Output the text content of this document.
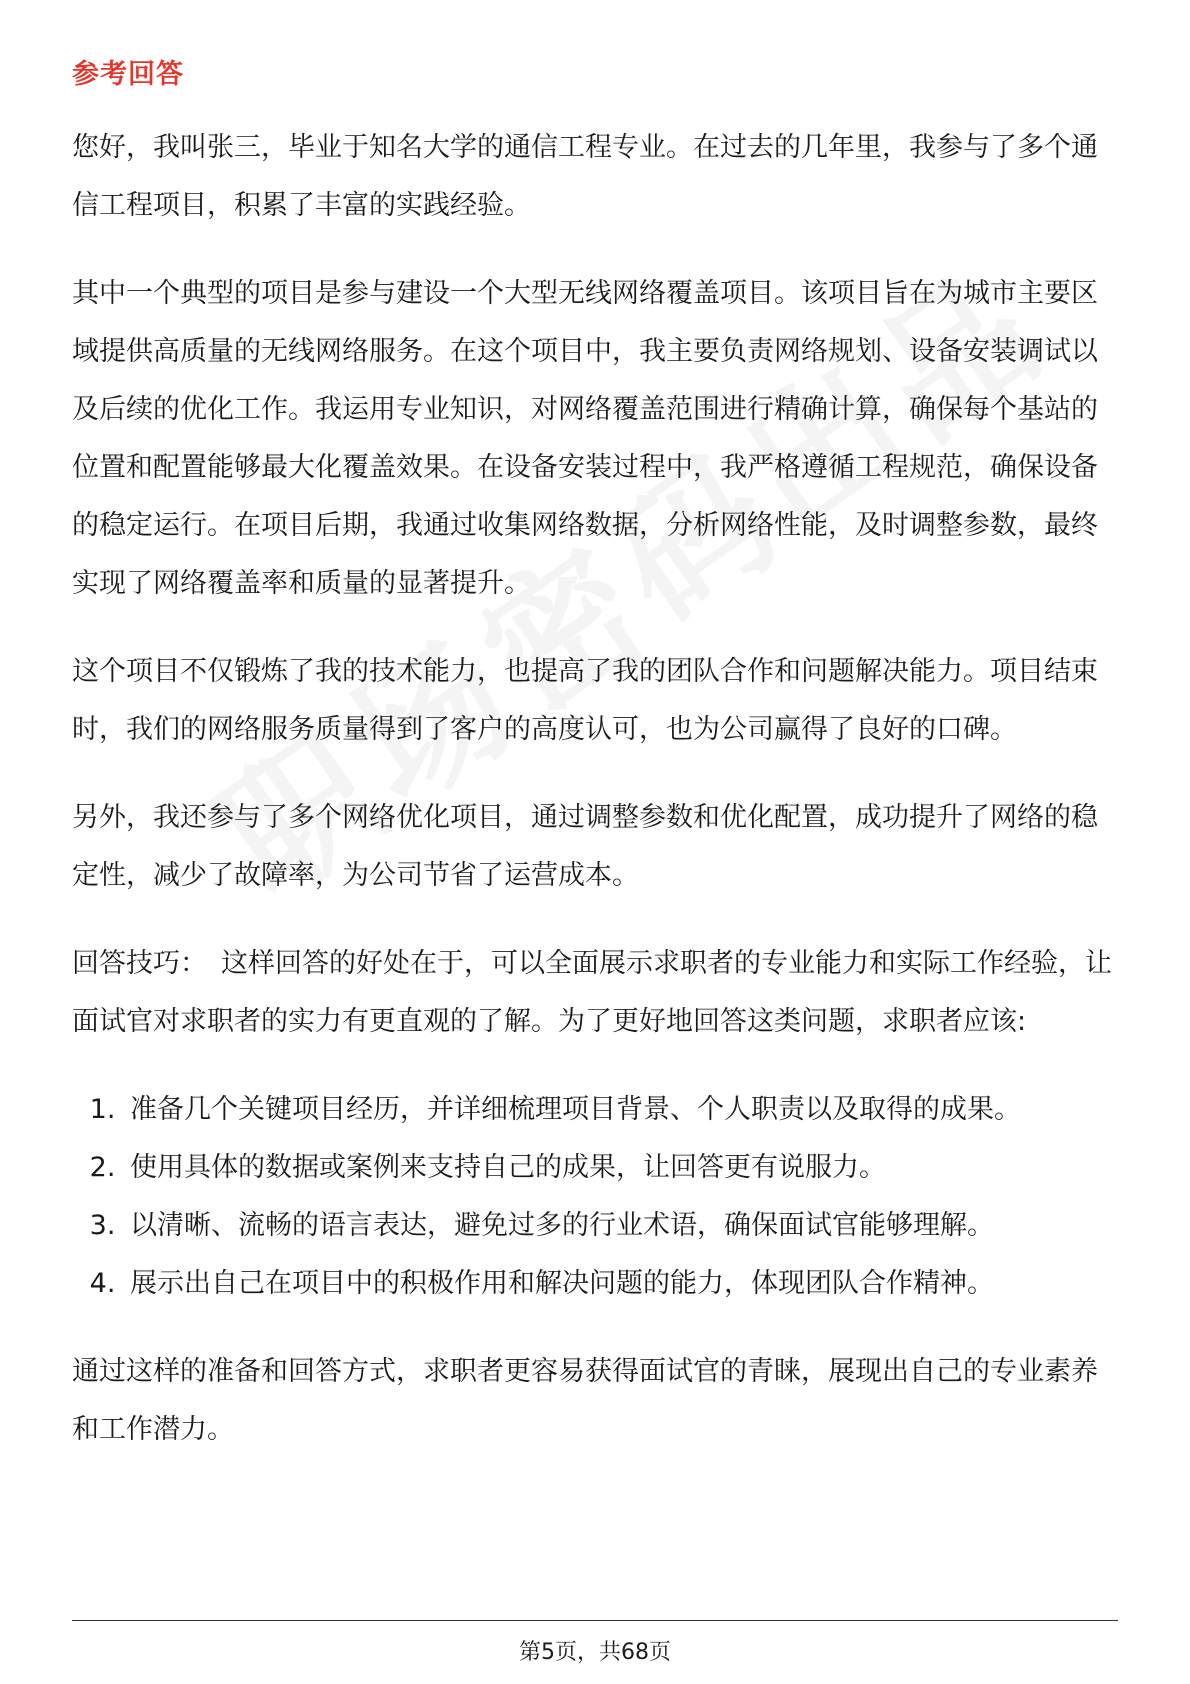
参考回答

您好，我叫张三，毕业于知名大学的通信工程专业。在过去的几年里，我参与了多个通信工程项目，积累了丰富的实践经验。

其中一个典型的项目是参与建设一个大型无线网络覆盖项目。该项目旨在为城市主要区域提供高质量的无线网络服务。在这个项目中，我主要负责网络规划、设备安装调试以及后续的优化工作。我运用专业知识，对网络覆盖范围进行精确计算，确保每个基站的位置和配置能够最大化覆盖效果。在设备安装过程中，我严格遵循工程规范，确保设备的稳定运行。在项目后期，我通过收集网络数据，分析网络性能，及时调整参数，最终实现了网络覆盖率和质量的显著提升。

这个项目不仅锻炼了我的技术能力，也提高了我的团队合作和问题解决能力。项目结束时，我们的网络服务质量得到了客户的高度认可，也为公司赢得了良好的口碑。

另外，我还参与了多个网络优化项目，通过调整参数和优化配置，成功提升了网络的稳定性，减少了故障率，为公司节省了运营成本。

回答技巧： 这样回答的好处在于，可以全面展示求职者的专业能力和实际工作经验，让面试官对求职者的实力有更直观的了解。为了更好地回答这类问题，求职者应该:

1. 准备几个关键项目经历，并详细梳理项目背景、个人职责以及取得的成果。
2. 使用具体的数据或案例来支持自己的成果，让回答更有说服力。
3. 以清晰、流畅的语言表达，避免过多的行业术语，确保面试官能够理解。
4. 展示出自己在项目中的积极作用和解决问题的能力，体现团队合作精神。

通过这样的准备和回答方式，求职者更容易获得面试官的青睐，展现出自己的专业素养和工作潜力。

第5页，共68页
